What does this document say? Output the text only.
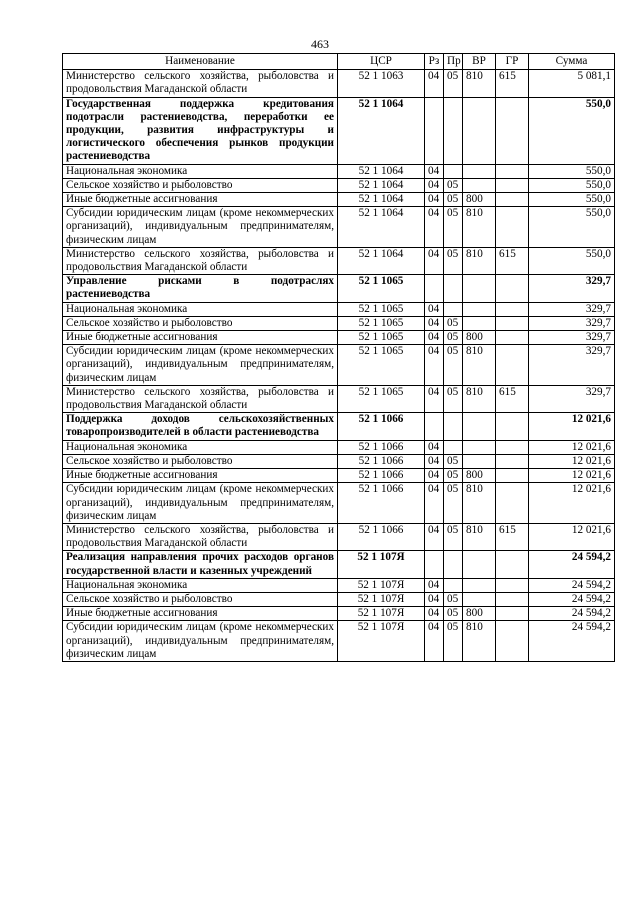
463
Наименование	ЦСР	Рз	Пр	ВР	ГР	Сумма
Министерство сельского хозяйства, рыболовства и продовольствия Магаданской области	52 1 1063	04	05	810	615	5 081,1
Государственная поддержка кредитования подотрасли растениеводства, переработки ее продукции, развития инфраструктуры и логистического обеспечения рынков продукции растениеводства	52 1 1064					550,0
Национальная экономика	52 1 1064	04				550,0
Сельское хозяйство и рыболовство	52 1 1064	04	05			550,0
Иные бюджетные ассигнования	52 1 1064	04	05	800		550,0
Субсидии юридическим лицам (кроме некоммерческих организаций), индивидуальным предпринимателям, физическим лицам	52 1 1064	04	05	810		550,0
Министерство сельского хозяйства, рыболовства и продовольствия Магаданской области	52 1 1064	04	05	810	615	550,0
Управление рисками в подотраслях растениеводства	52 1 1065					329,7
Национальная экономика	52 1 1065	04				329,7
Сельское хозяйство и рыболовство	52 1 1065	04	05			329,7
Иные бюджетные ассигнования	52 1 1065	04	05	800		329,7
Субсидии юридическим лицам (кроме некоммерческих организаций), индивидуальным предпринимателям, физическим лицам	52 1 1065	04	05	810		329,7
Министерство сельского хозяйства, рыболовства и продовольствия Магаданской области	52 1 1065	04	05	810	615	329,7
Поддержка доходов сельскохозяйственных товаропроизводителей в области растениеводства	52 1 1066					12 021,6
Национальная экономика	52 1 1066	04				12 021,6
Сельское хозяйство и рыболовство	52 1 1066	04	05			12 021,6
Иные бюджетные ассигнования	52 1 1066	04	05	800		12 021,6
Субсидии юридическим лицам (кроме некоммерческих организаций), индивидуальным предпринимателям, физическим лицам	52 1 1066	04	05	810		12 021,6
Министерство сельского хозяйства, рыболовства и продовольствия Магаданской области	52 1 1066	04	05	810	615	12 021,6
Реализация направления прочих расходов органов государственной власти и казенных учреждений	52 1 107Я					24 594,2
Национальная экономика	52 1 107Я	04				24 594,2
Сельское хозяйство и рыболовство	52 1 107Я	04	05			24 594,2
Иные бюджетные ассигнования	52 1 107Я	04	05	800		24 594,2
Субсидии юридическим лицам (кроме некоммерческих организаций), индивидуальным предпринимателям, физическим лицам	52 1 107Я	04	05	810		24 594,2
